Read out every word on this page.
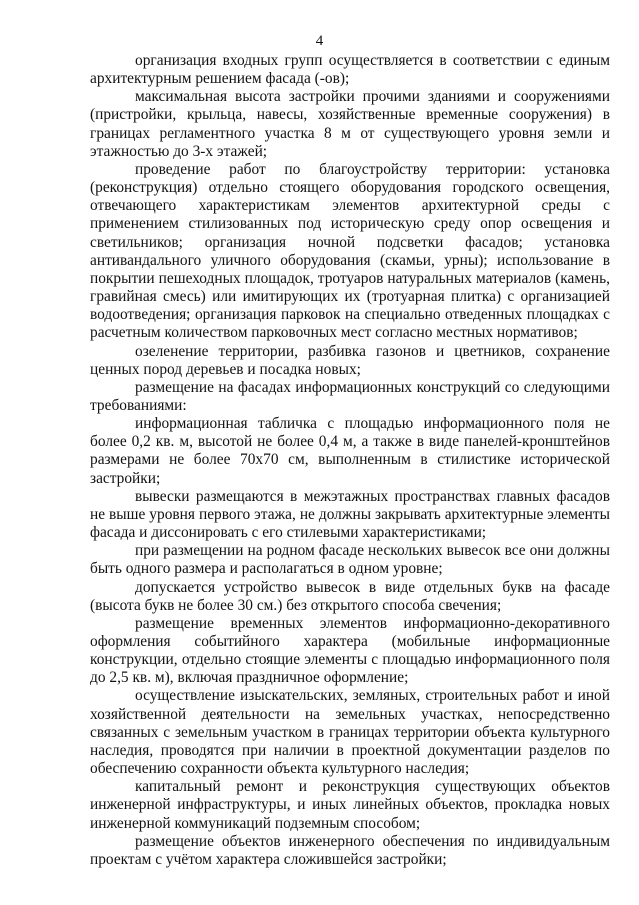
4

организация входных групп осуществляется в соответствии с единым архитектурным решением фасада (-ов);

максимальная высота застройки прочими зданиями и сооружениями (пристройки, крыльца, навесы, хозяйственные временные сооружения) в границах регламентного участка 8 м от существующего уровня земли и этажностью до 3-х этажей;

проведение работ по благоустройству территории: установка (реконструкция) отдельно стоящего оборудования городского освещения, отвечающего характеристикам элементов архитектурной среды с применением стилизованных под историческую среду опор освещения и светильников; организация ночной подсветки фасадов; установка антивандального уличного оборудования (скамьи, урны); использование в покрытии пешеходных площадок, тротуаров натуральных материалов (камень, гравийная смесь) или имитирующих их (тротуарная плитка) с организацией водоотведения; организация парковок на специально отведенных площадках с расчетным количеством парковочных мест согласно местных нормативов;

озеленение территории, разбивка газонов и цветников, сохранение ценных пород деревьев и посадка новых;

размещение на фасадах информационных конструкций со следующими требованиями:

информационная табличка с площадью информационного поля не более 0,2 кв. м, высотой не более 0,4 м, а также в виде панелей-кронштейнов размерами не более 70х70 см, выполненным в стилистике исторической застройки;

вывески размещаются в межэтажных пространствах главных фасадов не выше уровня первого этажа, не должны закрывать архитектурные элементы фасада и диссонировать с его стилевыми характеристиками;

при размещении на родном фасаде нескольких вывесок все они должны быть одного размера и располагаться в одном уровне;

допускается устройство вывесок в виде отдельных букв на фасаде (высота букв не более 30 см.) без открытого способа свечения;

размещение временных элементов информационно-декоративного оформления событийного характера (мобильные информационные конструкции, отдельно стоящие элементы с площадью информационного поля до 2,5 кв. м), включая праздничное оформление;

осуществление изыскательских, земляных, строительных работ и иной хозяйственной деятельности на земельных участках, непосредственно связанных с земельным участком в границах территории объекта культурного наследия, проводятся при наличии в проектной документации разделов по обеспечению сохранности объекта культурного наследия;

капитальный ремонт и реконструкция существующих объектов инженерной инфраструктуры, и иных линейных объектов, прокладка новых инженерной коммуникаций подземным способом;

размещение объектов инженерного обеспечения по индивидуальным проектам с учётом характера сложившейся застройки;
